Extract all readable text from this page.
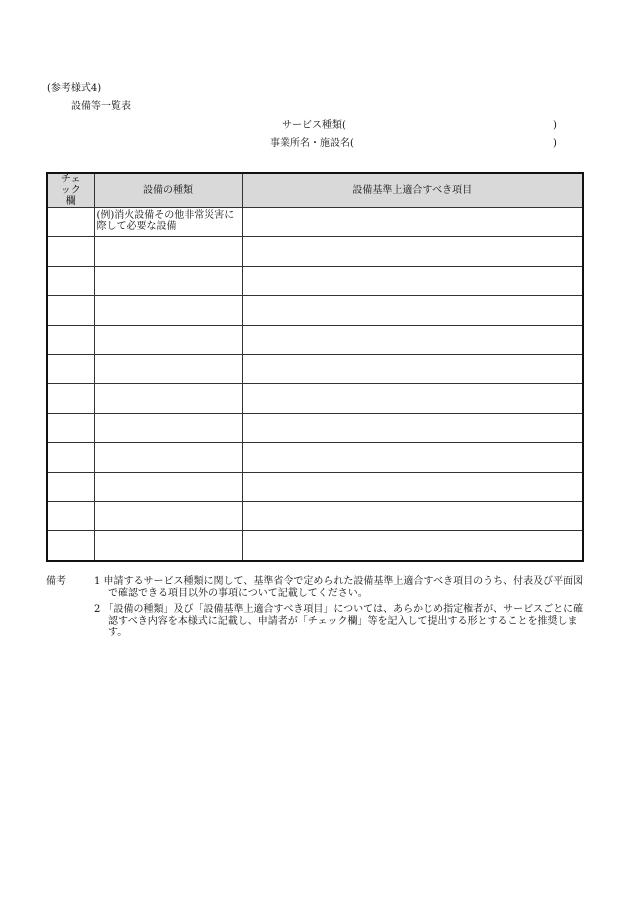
(参考様式4)
設備等一覧表
サービス種類(	)
事業所名・施設名(	)
チェック欄	設備の種類	設備基準上適合すべき項目
	(例)消火設備その他非常災害に際して必要な設備	

備考	1 申請するサービス種類に関して、基準省令で定められた設備基準上適合すべき項目のうち、付表及び平面図で確認できる項目以外の事項について記載してください。
2 「設備の種類」及び「設備基準上適合すべき項目」については、あらかじめ指定権者が、サービスごとに確認すべき内容を本様式に記載し、申請者が「チェック欄」等を記入して提出する形とすることを推奨します。
